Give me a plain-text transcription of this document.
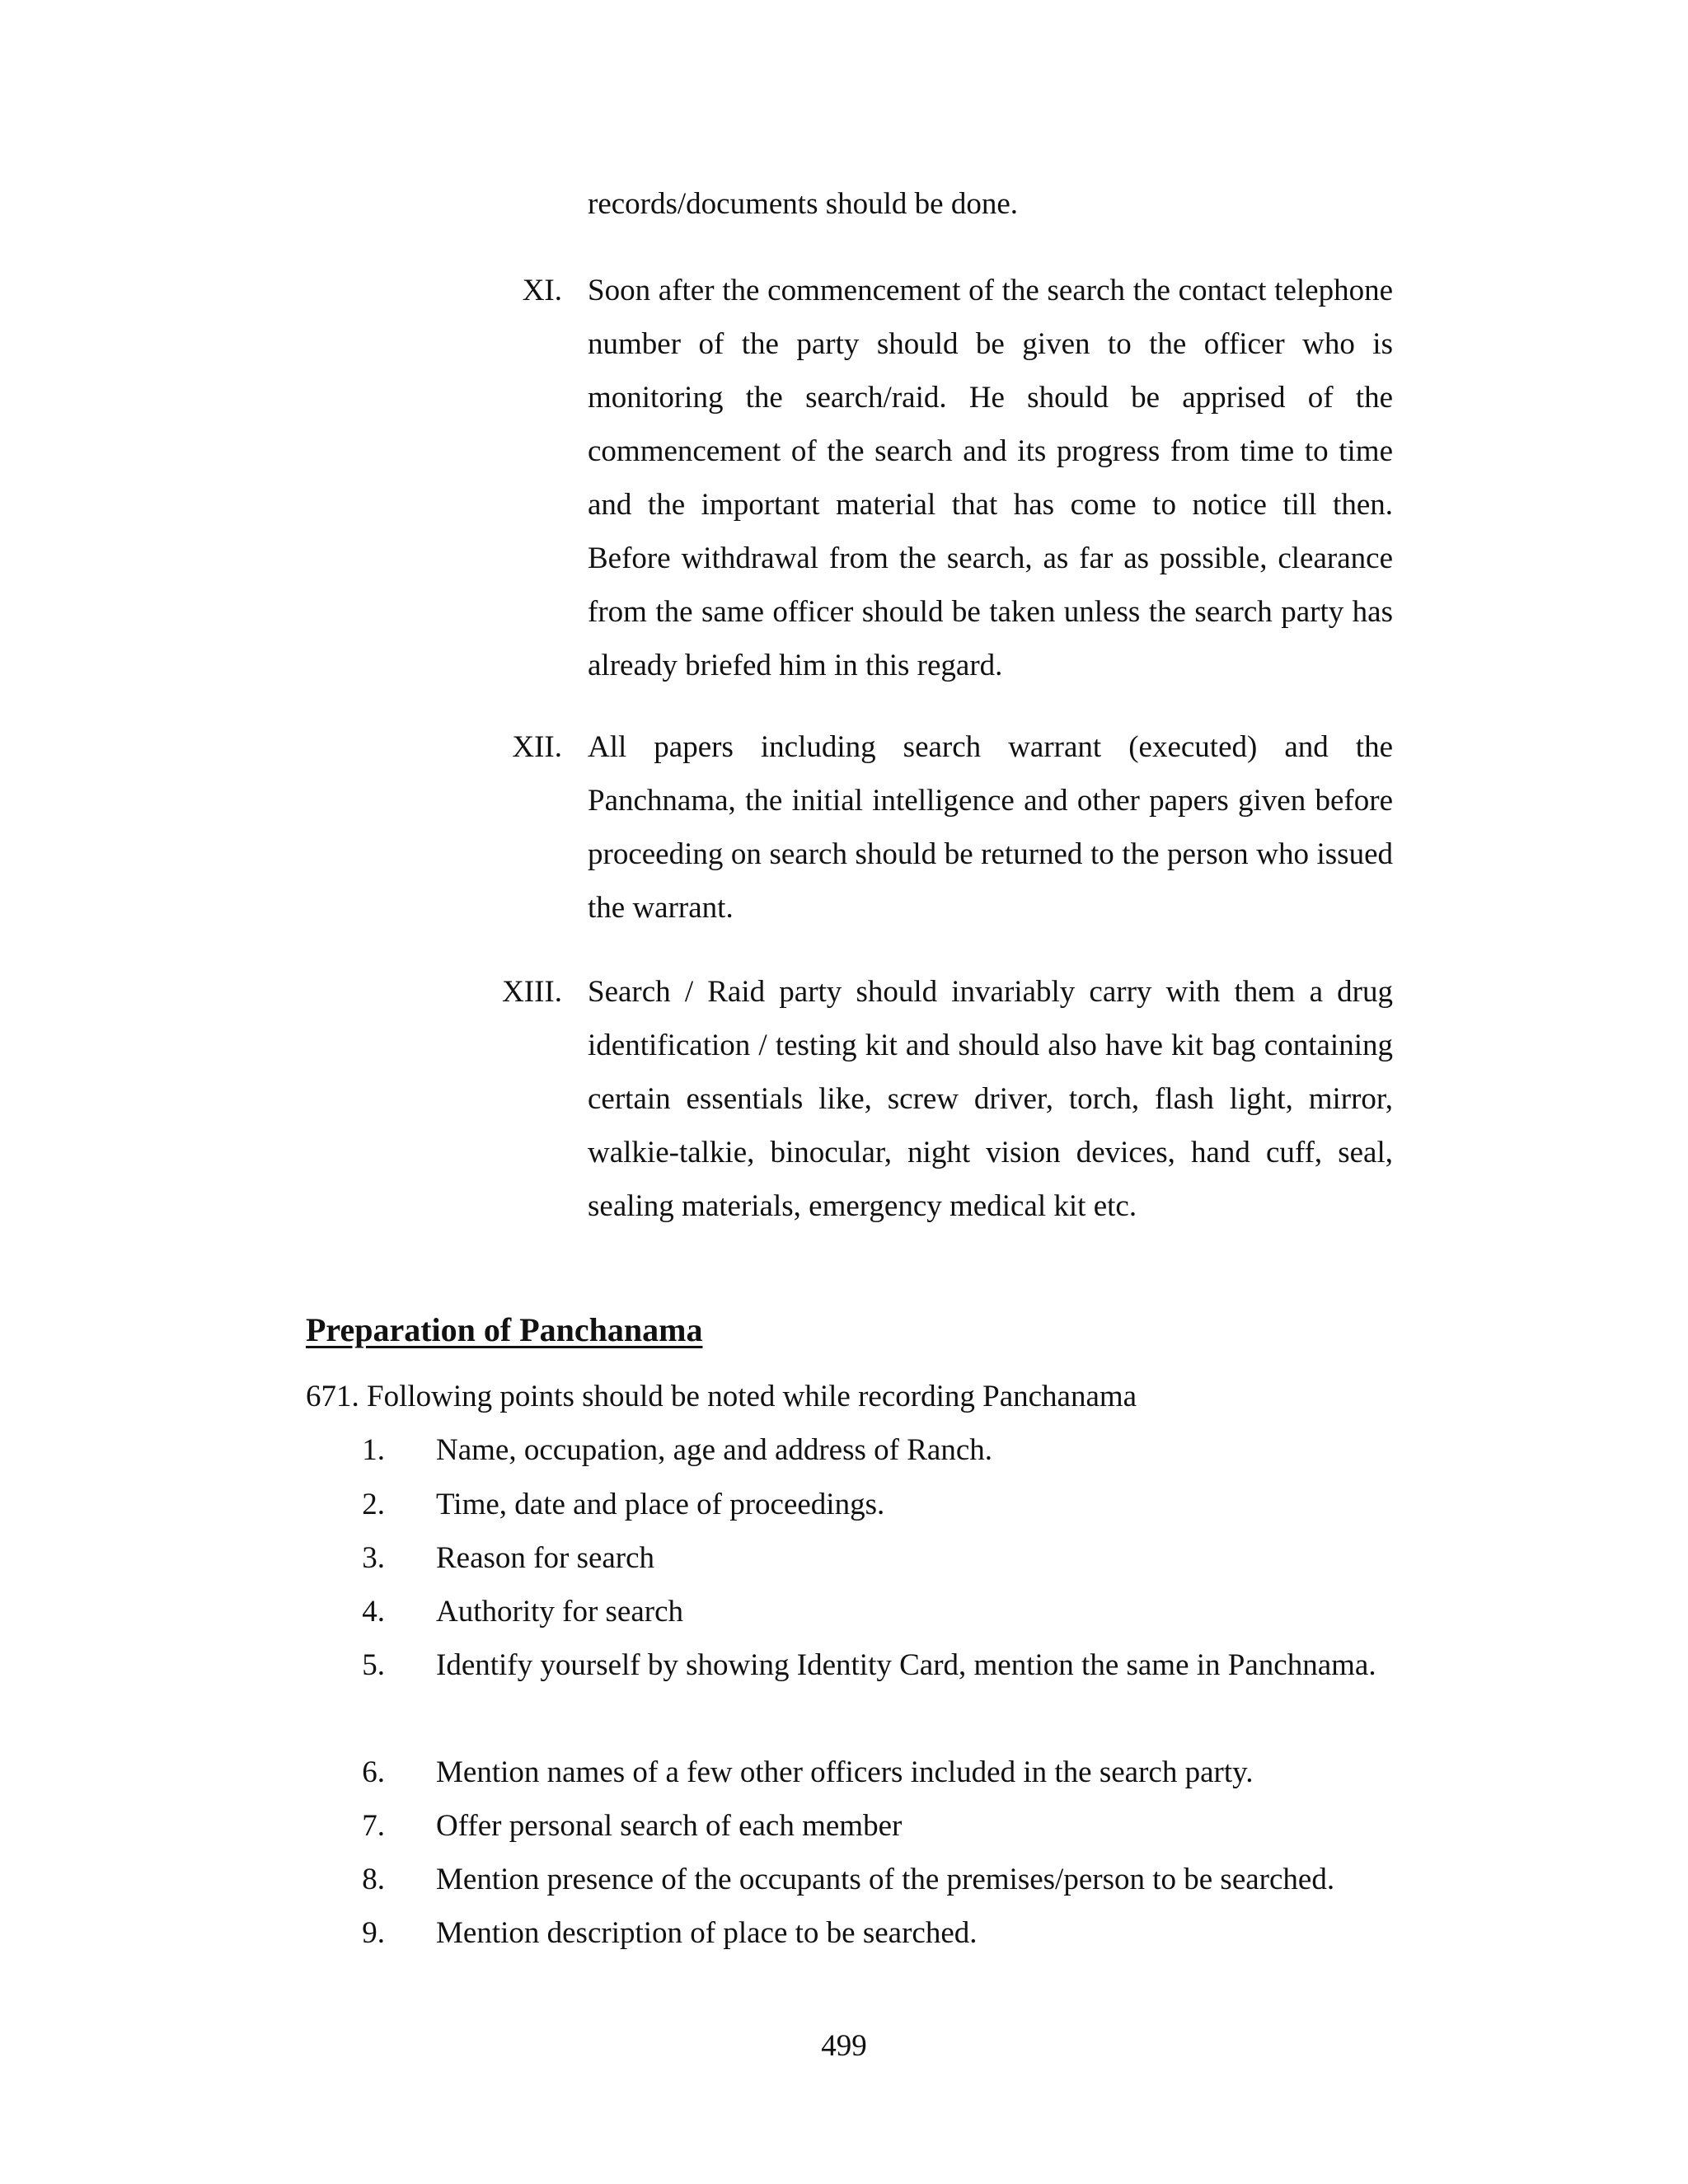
records/documents should be done.
XI. Soon after the commencement of the search the contact telephone number of the party should be given to the officer who is monitoring the search/raid. He should be apprised of the commencement of the search and its progress from time to time and the important material that has come to notice till then. Before withdrawal from the search, as far as possible, clearance from the same officer should be taken unless the search party has already briefed him in this regard.
XII. All papers including search warrant (executed) and the Panchnama, the initial intelligence and other papers given before proceeding on search should be returned to the person who issued the warrant.
XIII. Search / Raid party should invariably carry with them a drug identification / testing kit and should also have kit bag containing certain essentials like, screw driver, torch, flash light, mirror, walkie-talkie, binocular, night vision devices, hand cuff, seal, sealing materials, emergency medical kit etc.
Preparation of Panchanama
671. Following points should be noted while recording Panchanama
1. Name, occupation, age and address of Ranch.
2. Time, date and place of proceedings.
3. Reason for search
4. Authority for search
5. Identify yourself by showing Identity Card, mention the same in Panchnama.
6. Mention names of a few other officers included in the search party.
7. Offer personal search of each member
8. Mention presence of the occupants of the premises/person to be searched.
9. Mention description of place to be searched.
499
